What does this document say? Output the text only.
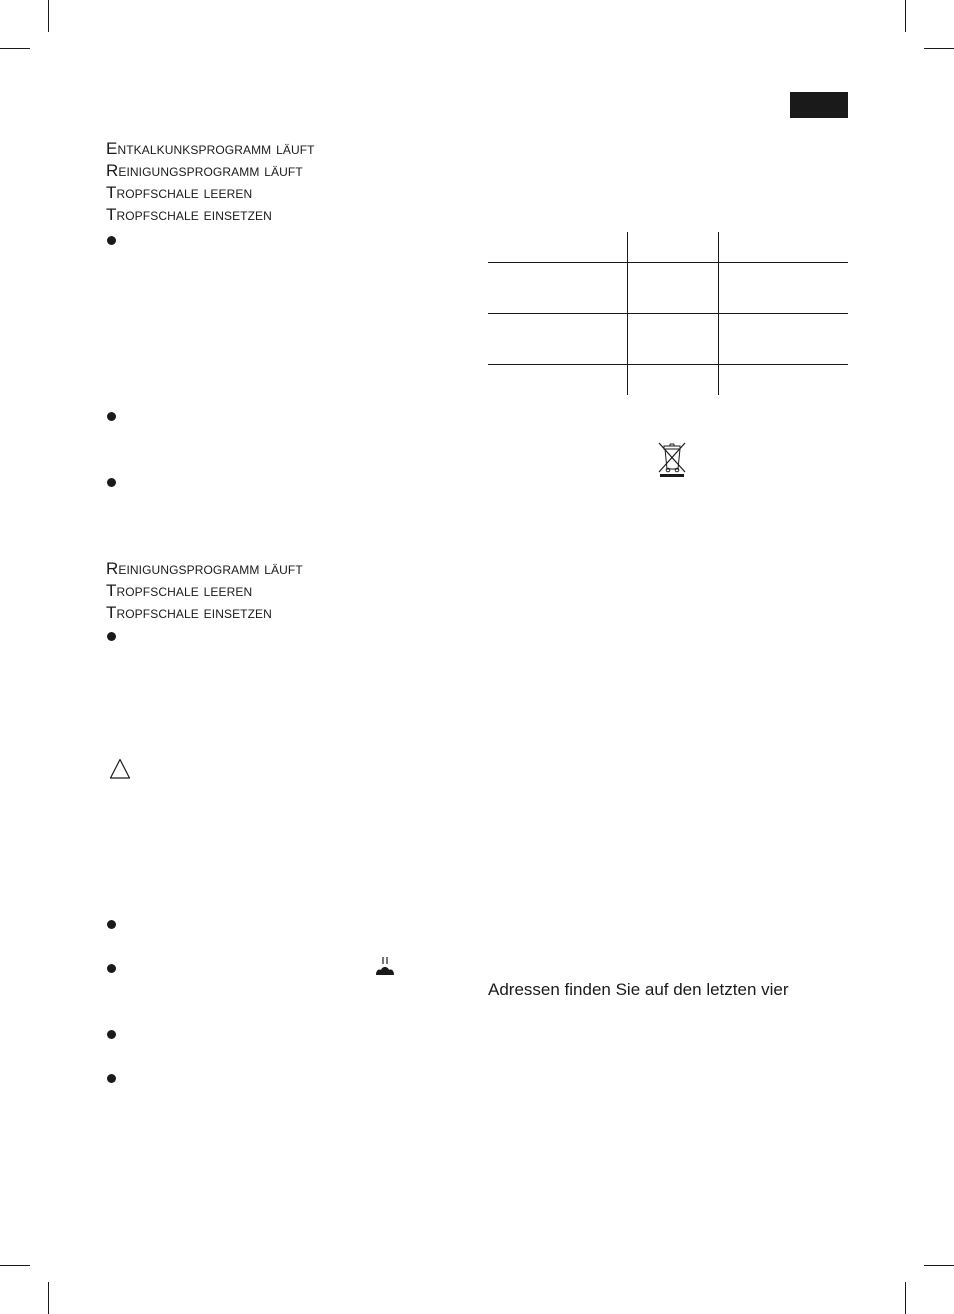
Entkalkunksprogramm läuft
Reinigungsprogramm läuft
Tropfschale leeren
Tropfschale einsetzen
Reinigungsprogramm läuft
Tropfschale leeren
Tropfschale einsetzen
Adressen finden Sie auf den letzten vier
